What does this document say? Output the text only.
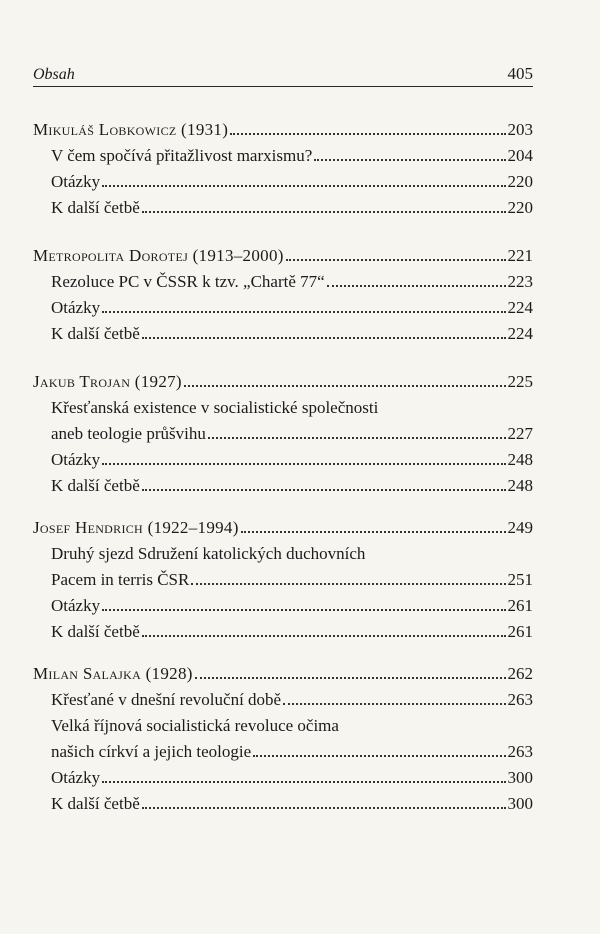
Obsah	405
Mikuláš Lobkowicz (1931)	203
V čem spočívá přitažlivost marxismu?	204
Otázky	220
K další četbě	220
Metropolita Dorotej (1913–2000)	221
Rezoluce PC v ČSSR k tzv. „Chartě 77“	223
Otázky	224
K další četbě	224
Jakub Trojan (1927)	225
Křesťanská existence v socialistické společnosti
aneb teologie průšvihu	227
Otázky	248
K další četbě	248
Josef Hendrich (1922–1994)	249
Druhý sjezd Sdružení katolických duchovních
Pacem in terris ČSR	251
Otázky	261
K další četbě	261
Milan Salajka (1928)	262
Křesťané v dnešní revoluční době	263
Velká říjnová socialistická revoluce očima
našich církví a jejich teologie	263
Otázky	300
K další četbě	300
